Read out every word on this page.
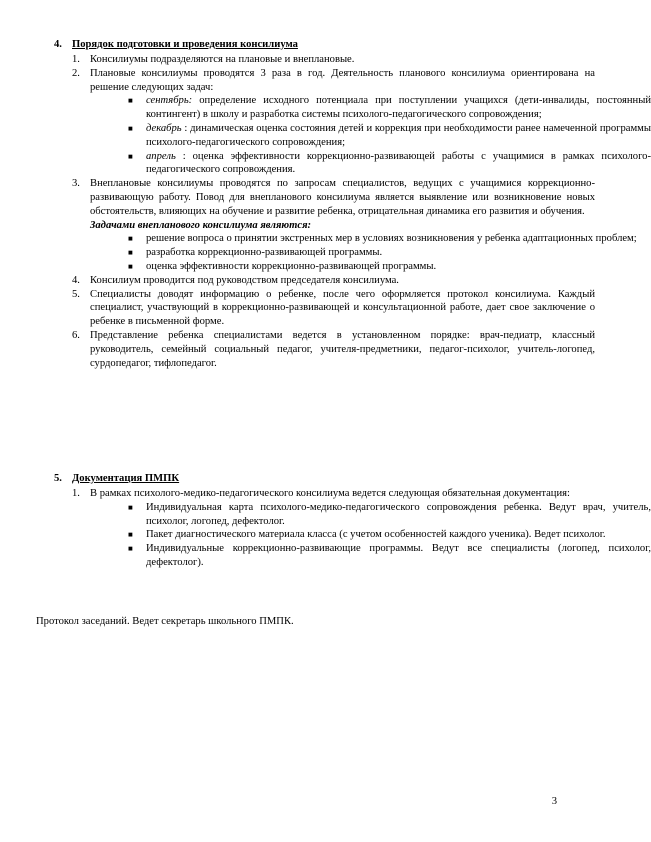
4. Порядок подготовки и проведения консилиума
1. Консилиумы подразделяются на плановые и внеплановые.
2. Плановые консилиумы проводятся 3 раза в год. Деятельность планового консилиума ориентирована на решение следующих задач:
■ сентябрь: определение исходного потенциала при поступлении учащихся (дети-инвалиды, постоянный контингент) в школу и разработка системы психолого-педагогического сопровождения;
■ декабрь : динамическая оценка состояния детей и коррекция при необходимости ранее намеченной программы психолого-педагогического сопровождения;
■ апрель : оценка эффективности коррекционно-развивающей работы с учащимися в рамках психолого-педагогического сопровождения.
3. Внеплановые консилиумы проводятся по запросам специалистов, ведущих с учащимися коррекционно-развивающую работу. Повод для внепланового консилиума является выявление или возникновение новых обстоятельств, влияющих на обучение и развитие ребенка, отрицательная динамика его развития и обучения.
Задачами внепланового консилиума являются:
■ решение вопроса о принятии экстренных мер в условиях возникновения у ребенка адаптационных проблем;
■ разработка коррекционно-развивающей программы.
■ оценка эффективности коррекционно-развивающей программы.
4. Консилиум проводится под руководством председателя консилиума.
5. Специалисты доводят информацию о ребенке, после чего оформляется протокол консилиума. Каждый специалист, участвующий в коррекционно-развивающей и консультационной работе, дает свое заключение о ребенке в письменной форме.
6. Представление ребенка специалистами ведется в установленном порядке: врач-педиатр, классный руководитель, семейный социальный педагог, учителя-предметники, педагог-психолог, учитель-логопед, сурдопедагог, тифлопедагог.
5. Документация ПМПК
1. В рамках психолого-медико-педагогического консилиума ведется следующая обязательная документация:
■ Индивидуальная карта психолого-медико-педагогического сопровождения ребенка. Ведут врач, учитель, психолог, логопед, дефектолог.
■ Пакет диагностического материала класса (с учетом особенностей каждого ученика). Ведет психолог.
■ Индивидуальные коррекционно-развивающие программы. Ведут все специалисты (логопед, психолог, дефектолог).
Протокол заседаний. Ведет секретарь школьного ПМПК.
3
